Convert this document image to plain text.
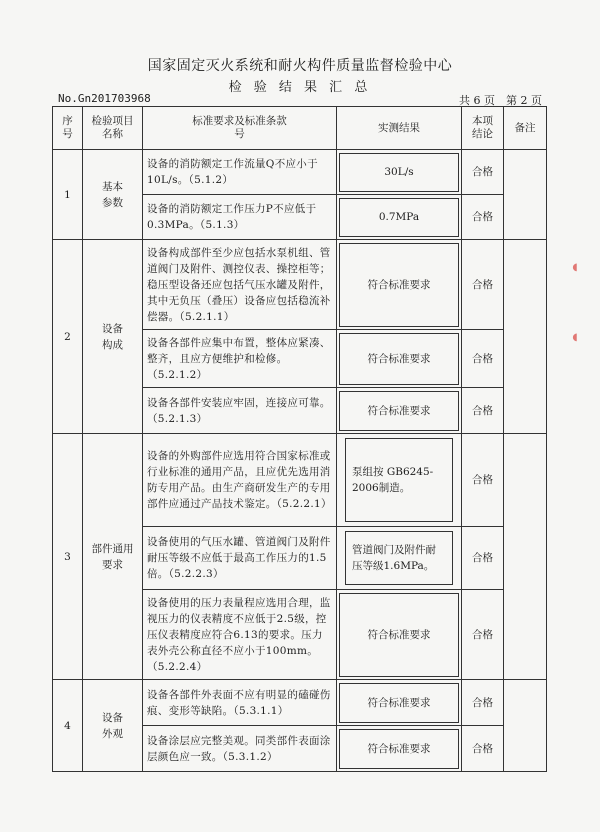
国家固定灭火系统和耐火构件质量监督检验中心
检 验 结 果 汇 总
No.Gn201703968	共 6 页　第 2 页
序号	检验项目名称	标准要求及标准条款号	实测结果	本项结论	备注
1	基本参数	设备的消防额定工作流量Q不应小于10L/s。（5.1.2）	30L/s	合格	
		设备的消防额定工作压力P不应低于0.3MPa。（5.1.3）	0.7MPa	合格	
2	设备构成	设备构成部件至少应包括水泵机组、管道阀门及附件、测控仪表、操控柜等；稳压型设备还应包括气压水罐及附件，其中无负压（叠压）设备应包括稳流补偿器。（5.2.1.1）	符合标准要求	合格	
		设备各部件应集中布置，整体应紧凑、整齐，且应方便维护和检修。（5.2.1.2）	符合标准要求	合格	
		设备各部件安装应牢固，连接应可靠。（5.2.1.3）	符合标准要求	合格	
3	部件通用要求	设备的外购部件应选用符合国家标准或行业标准的通用产品，且应优先选用消防专用产品。由生产商研发生产的专用部件应通过产品技术鉴定。（5.2.2.1）	泵组按 GB6245-2006制造。	合格	
		设备使用的气压水罐、管道阀门及附件耐压等级不应低于最高工作压力的1.5倍。（5.2.2.3）	管道阀门及附件耐压等级1.6MPa。	合格	
		设备使用的压力表量程应选用合理，监视压力的仪表精度不应低于2.5级，控压仪表精度应符合6.13的要求。压力表外壳公称直径不应小于100mm。（5.2.2.4）	符合标准要求	合格	
4	设备外观	设备各部件外表面不应有明显的磕碰伤痕、变形等缺陷。（5.3.1.1）	符合标准要求	合格	
		设备涂层应完整美观。同类部件表面涂层颜色应一致。（5.3.1.2）	符合标准要求	合格	
◖
◖
